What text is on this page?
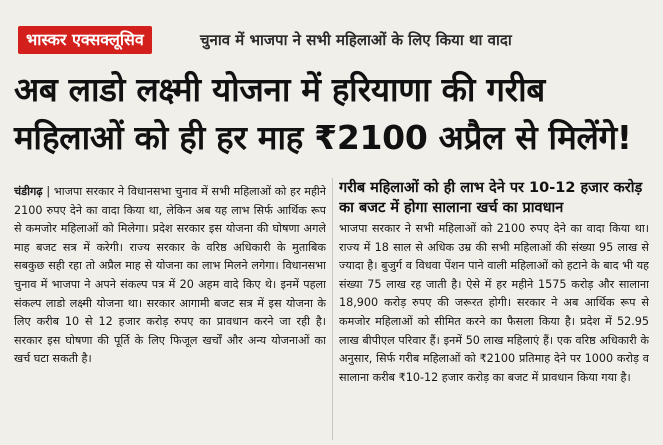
भास्कर एक्सक्लूसिव	चुनाव में भाजपा ने सभी महिलाओं के लिए किया था वादा
अब लाडो लक्ष्मी योजना में हरियाणा की गरीब
महिलाओं को ही हर माह ₹2100 अप्रैल से मिलेंगे!
चंडीगढ़ | भाजपा सरकार ने विधानसभा चुनाव में सभी महिलाओं को हर महीने 2100 रुपए देने का वादा किया था, लेकिन अब यह लाभ सिर्फ आर्थिक रूप से कमजोर महिलाओं को मिलेगा। प्रदेश सरकार इस योजना की घोषणा अगले माह बजट सत्र में करेगी। राज्य सरकार के वरिष्ठ अधिकारी के मुताबिक सबकुछ सही रहा तो अप्रैल माह से योजना का लाभ मिलने लगेगा। विधानसभा चुनाव में भाजपा ने अपने संकल्प पत्र में 20 अहम वादे किए थे। इनमें पहला संकल्प लाडो लक्ष्मी योजना था। सरकार आगामी बजट सत्र में इस योजना के लिए करीब 10 से 12 हजार करोड़ रुपए का प्रावधान करने जा रही है। सरकार इस घोषणा की पूर्ति के लिए फिजूल खर्चों और अन्य योजनाओं का खर्च घटा सकती है।
गरीब महिलाओं को ही लाभ देने पर 10-12 हजार करोड़ का बजट में होगा सालाना खर्च का प्रावधान
भाजपा सरकार ने सभी महिलाओं को 2100 रुपए देने का वादा किया था। राज्य में 18 साल से अधिक उम्र की सभी महिलाओं की संख्या 95 लाख से ज्यादा है। बुजुर्ग व विधवा पेंशन पाने वाली महिलाओं को हटाने के बाद भी यह संख्या 75 लाख रह जाती है। ऐसे में हर महीने 1575 करोड़ और सालाना 18,900 करोड़ रुपए की जरूरत होगी। सरकार ने अब आर्थिक रूप से कमजोर महिलाओं को सीमित करने का फैसला किया है। प्रदेश में 52.95 लाख बीपीएल परिवार हैं। इनमें 50 लाख महिलाएं हैं। एक वरिष्ठ अधिकारी के अनुसार, सिर्फ गरीब महिलाओं को ₹2100 प्रतिमाह देने पर 1000 करोड़ व सालाना करीब ₹10-12 हजार करोड़ का बजट में प्रावधान किया गया है।
